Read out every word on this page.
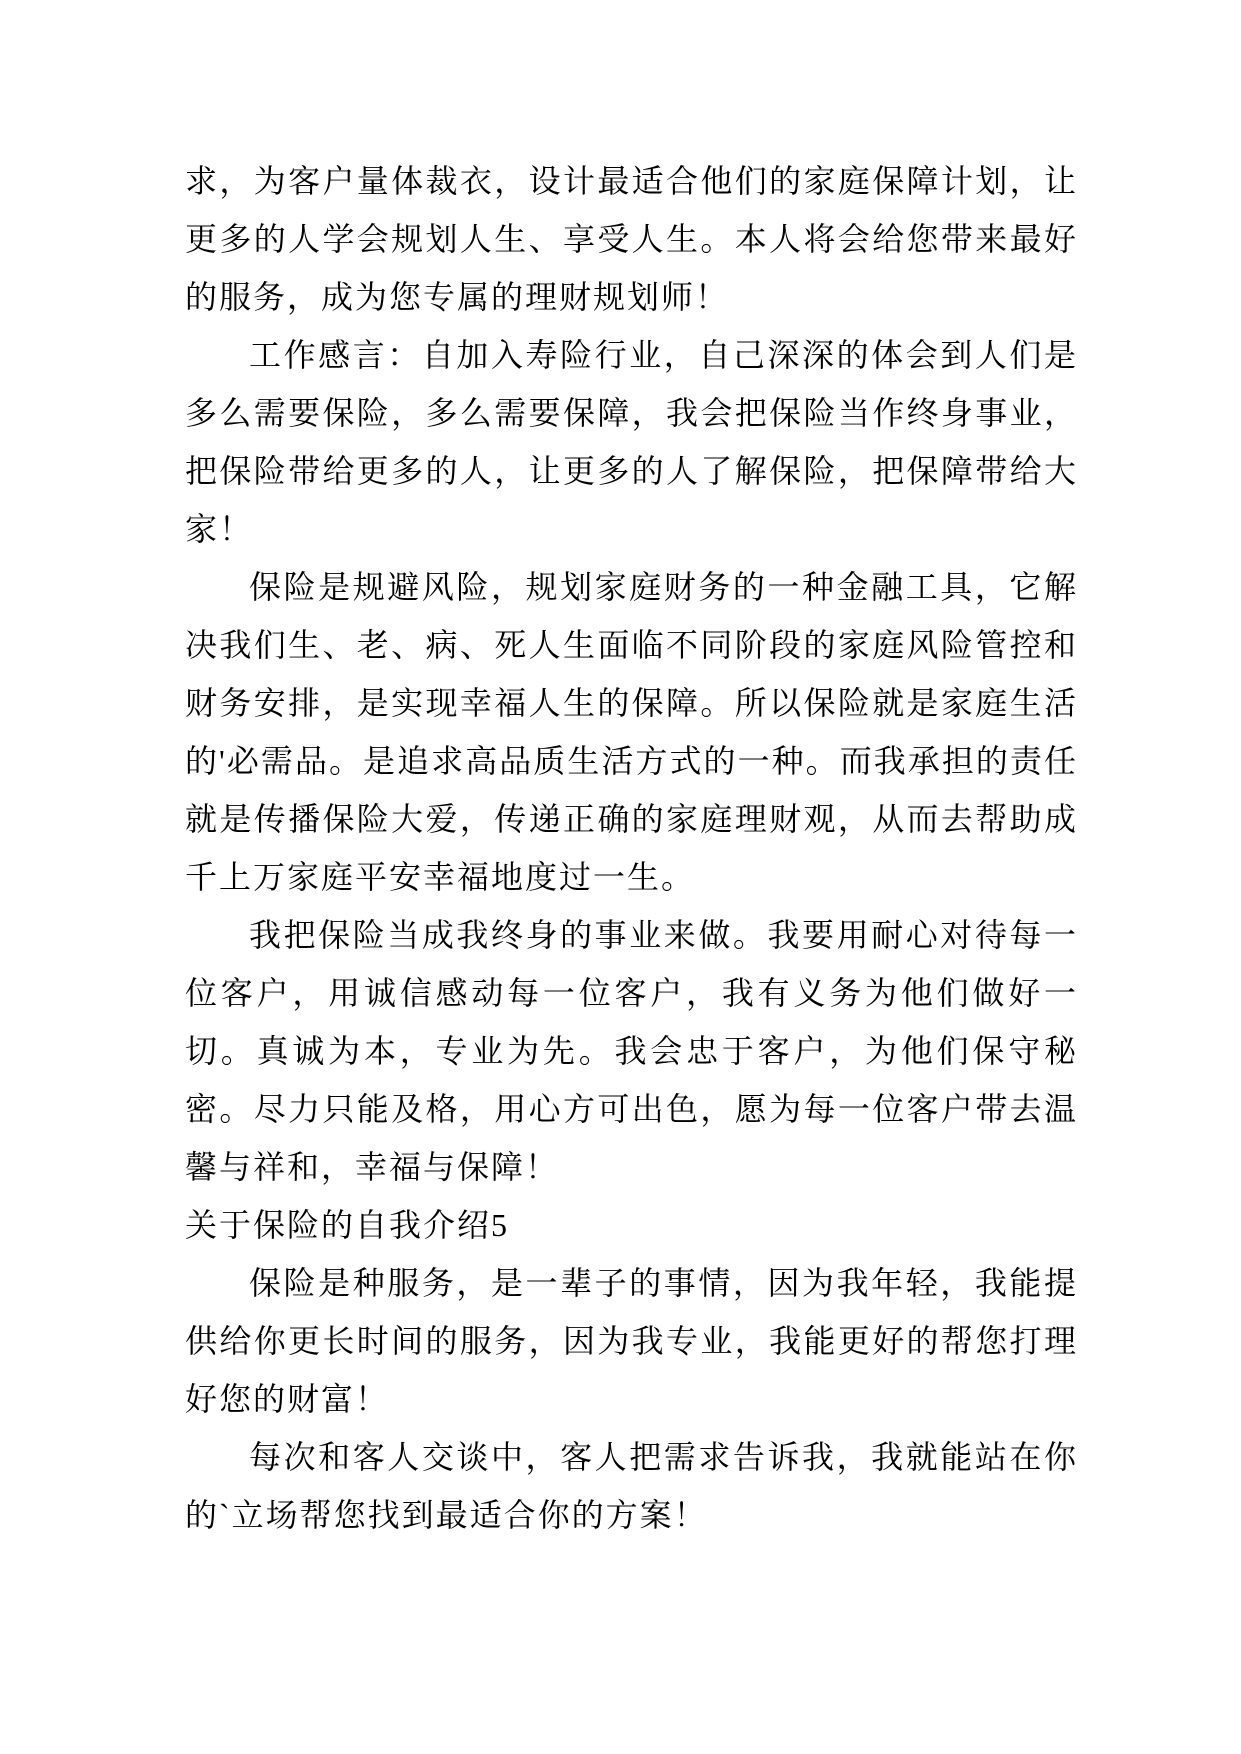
求，为客户量体裁衣，设计最适合他们的家庭保障计划，让更多的人学会规划人生、享受人生。本人将会给您带来最好的服务，成为您专属的理财规划师！

工作感言：自加入寿险行业，自己深深的体会到人们是多么需要保险，多么需要保障，我会把保险当作终身事业，把保险带给更多的人，让更多的人了解保险，把保障带给大家！

保险是规避风险，规划家庭财务的一种金融工具，它解决我们生、老、病、死人生面临不同阶段的家庭风险管控和财务安排，是实现幸福人生的保障。所以保险就是家庭生活的'必需品。是追求高品质生活方式的一种。而我承担的责任就是传播保险大爱，传递正确的家庭理财观，从而去帮助成千上万家庭平安幸福地度过一生。

我把保险当成我终身的事业来做。我要用耐心对待每一位客户，用诚信感动每一位客户，我有义务为他们做好一切。真诚为本，专业为先。我会忠于客户，为他们保守秘密。尽力只能及格，用心方可出色，愿为每一位客户带去温馨与祥和，幸福与保障！

关于保险的自我介绍5

保险是种服务，是一辈子的事情，因为我年轻，我能提供给你更长时间的服务，因为我专业，我能更好的帮您打理好您的财富！

每次和客人交谈中，客人把需求告诉我，我就能站在你的`立场帮您找到最适合你的方案！
